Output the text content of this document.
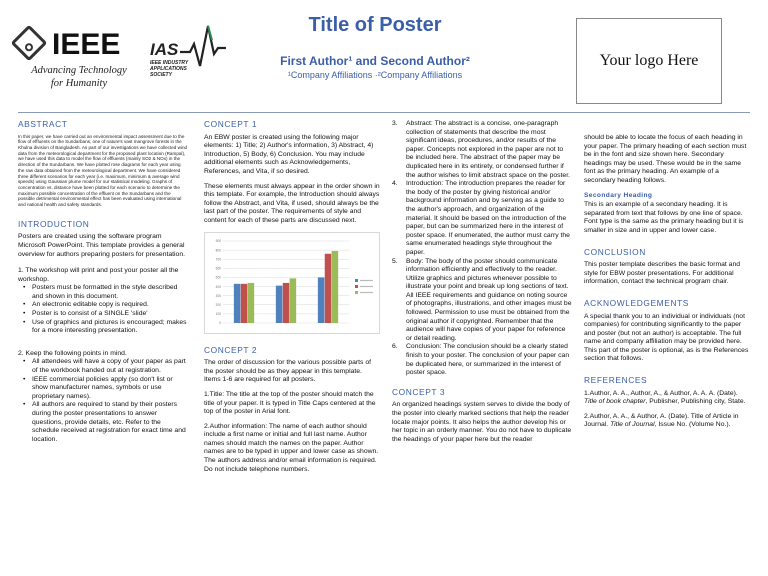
IEEE
Advancing Technology
for Humanity
IAS
IEEE INDUSTRY APPLICATIONS SOCIETY
Title of Poster
First Author¹ and Second Author²
¹Company Affiliations ·²Company Affiliations
Your logo Here
ABSTRACT

In this paper, we have carried out an environmental impact assessment due to the flow of effluents on the Sundarbans, one of nature's vast mangrove forests in the Khulna division of Bangladesh. As part of our investigations we have collected wind data from the meteorological department for the proposed plant location (Rampal), we have used this data to model the flow of effluents (mainly SO2 & NOx) in the direction of the Sundarbans. We have plotted rose diagrams for each year using the raw data obtained from the meteorological department. We have considered three different scenarios for each year (i.e. maximum, minimum & average wind speeds) using Gaussian plume model for our statistical modeling. Graphs of concentration vs. distance have been plotted for each scenario to determine the maximum possible concentration of the effluent on the Sundarbans and the possible detrimental environmental effect has been evaluated using international and national health and safety standards.

INTRODUCTION

Posters are created using the software program Microsoft PowerPoint. This template provides a general overview for authors preparing posters for presentation.

1. The workshop will print and post your poster all the workshop.

• Posters must be formatted in the style described and shown in this document.
• An electronic editable copy is required.
• Poster is to consist of a SINGLE 'slide'
• Use of graphics and pictures is encouraged; makes for a more interesting presentation.

2. Keep the following points in mind.

• All attendees will have a copy of your paper as part of the workbook handed out at registration.
• IEEE commercial policies apply (so don't list or show manufacturer names, symbols or use proprietary names).
• All authors are required to stand by their posters during the poster presentations to answer questions, provide details, etc. Refer to the schedule received at registration for exact time and location.
CONCEPT 1

An EBW poster is created using the following major elements: 1) Title; 2) Author's information, 3) Abstract, 4) Introduction, 5) Body, 6) Conclusion. You may include additional elements such as Acknowledgements, References, and Vita, if so desired.

These elements must always appear in the order shown in this template. For example, the Introduction should always follow the Abstract, and Vita, if used, should always be the last part of the poster. The requirements of style and content for each of these parts are discussed next.

0
100
200
300
400
500
600
700
800
900
CONCEPT 2

The order of discussion for the various possible parts of the poster should be as they appear in this template. Items 1-6 are required for all posters.

1.Title: The title at the top of the poster should match the title of your paper. It is typed in Title Caps centered at the top of the poster in Arial font.

2.Author information: The name of each author should include a first name or initial and full last name. Author names should match the names on the paper. Author names are to be typed in upper and lower case as shown. The authors address and/or email information is required. Do not include telephone numbers.

3. Abstract: The abstract is a concise, one-paragraph collection of statements that describe the most significant ideas, procedures, and/or results of the paper. Concepts not explored in the paper are not to be included here. The abstract of the paper may be duplicated here in its entirety, or condensed further if the author wishes to limit abstract space on the poster.
4. Introduction: The introduction prepares the reader for the body of the poster by giving historical and/or background information and by serving as a guide to the author's approach, and organization of the material. It should be based on the introduction of the paper, but can be summarized here in the interest of poster space. If enumerated, the author must carry the same enumerated headings style throughout the paper.
5. Body: The body of the poster should communicate information efficiently and effectively to the reader. Utilize graphics and pictures whenever possible to illustrate your point and break up long sections of text. All IEEE requirements and guidance on noting source of photographs, illustrations, and other images must be followed. Permission to use must be obtained from the original author if copyrighted. Remember that the audience will have copies of your paper for reference or detail reading.
6. Conclusion: The conclusion should be a clearly stated finish to your poster. The conclusion of your paper can be duplicated here, or summarized in the interest of poster space.
CONCEPT 3

An organized headings system serves to divide the body of the poster into clearly marked sections that help the reader locate major points. It also helps the author develop his or her topic in an orderly manner. You do not have to duplicate the headings of your paper here but the reader

should be able to locate the focus of each heading in your paper. The primary heading of each section must be in the font and size shown here. Secondary headings may be used. These would be in the same font as the primary heading. An example of a secondary heading follows.

Secondary Heading

This is an example of a secondary heading. It is separated from text that follows by one line of space. Font type is the same as the primary heading but it is smaller in size and in upper and lower case.

CONCLUSION

This poster template describes the basic format and style for EBW poster presentations. For additional information, contact the technical program chair.

ACKNOWLEDGEMENTS

A special thank you to an individual or individuals (not companies) for contributing significantly to the paper and poster (but not an author) is acceptable. The full name and company affiliation may be provided here. This part of the poster is optional, as is the References section that follows.

REFERENCES

1.Author, A. A., Author, A., & Author, A. A. A. (Date). Title of book chapter, Publisher, Publishing city, State.

2.Author, A. A., & Author, A. (Date). Title of Article in Journal. Title of Journal, Issue No. (Volume No.).
